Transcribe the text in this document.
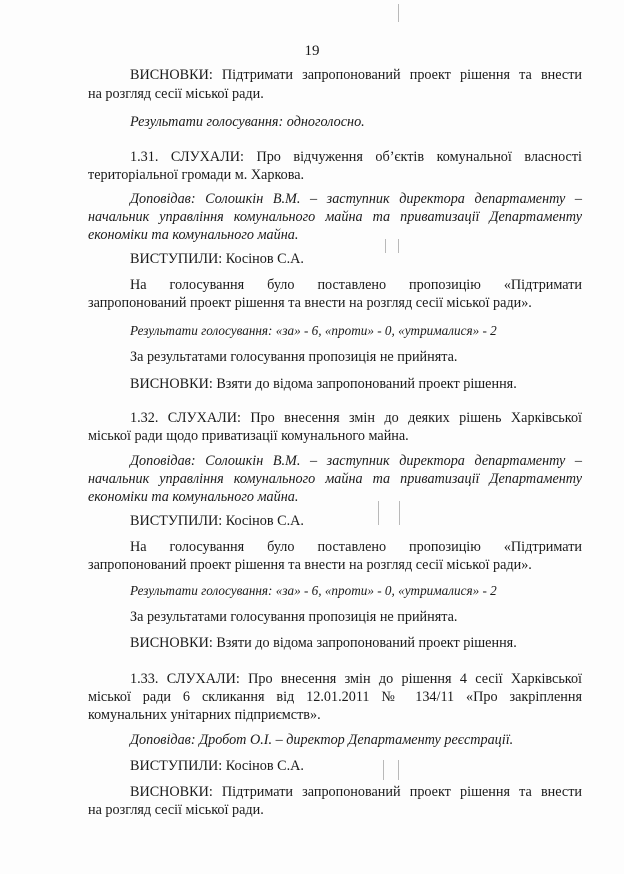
19
ВИСНОВКИ: Підтримати запропонований проект рішення та внести
на розгляд сесії міської ради.
Результати голосування: одноголосно.
1.31. СЛУХАЛИ: Про відчуження об’єктів комунальної власності
територіальної громади м. Харкова.
Доповідав: Солошкін В.М. – заступник директора департаменту –
начальник управління комунального майна та приватизації Департаменту
економіки та комунального майна.
ВИСТУПИЛИ: Косінов С.А.
На голосування було поставлено пропозицію «Підтримати
запропонований проект рішення та внести на розгляд сесії міської ради».
Результати голосування: «за» - 6, «проти» - 0, «утрималися» - 2
За результатами голосування пропозиція не прийнята.
ВИСНОВКИ: Взяти до відома запропонований проект рішення.
1.32. СЛУХАЛИ: Про внесення змін до деяких рішень Харківської
міської ради щодо приватизації комунального майна.
Доповідав: Солошкін В.М. – заступник директора департаменту –
начальник управління комунального майна та приватизації Департаменту
економіки та комунального майна.
ВИСТУПИЛИ: Косінов С.А.
На голосування було поставлено пропозицію «Підтримати
запропонований проект рішення та внести на розгляд сесії міської ради».
Результати голосування: «за» - 6, «проти» - 0, «утрималися» - 2
За результатами голосування пропозиція не прийнята.
ВИСНОВКИ: Взяти до відома запропонований проект рішення.
1.33. СЛУХАЛИ: Про внесення змін до рішення 4 сесії Харківської
міської ради 6 скликання від 12.01.2011 № 134/11 «Про закріплення
комунальних унітарних підприємств».
Доповідав: Дробот О.І. – директор Департаменту реєстрації.
ВИСТУПИЛИ: Косінов С.А.
ВИСНОВКИ: Підтримати запропонований проект рішення та внести
на розгляд сесії міської ради.
